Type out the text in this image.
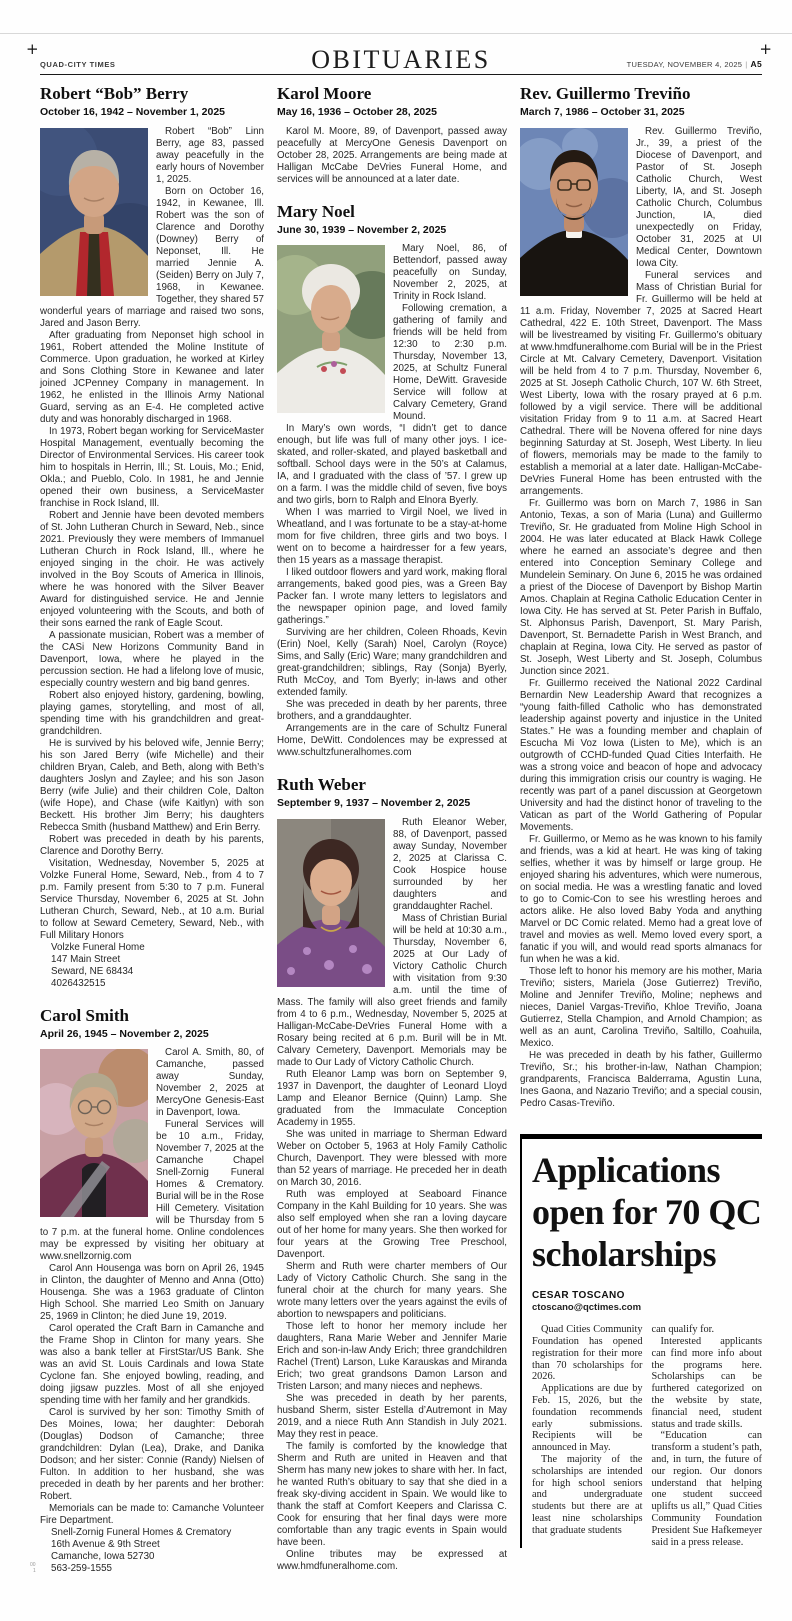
+	+
QUAD-CITY TIMES	OBITUARIES	TUESDAY, NOVEMBER 4, 2025 | A5
Robert “Bob” Berry
October 16, 1942 – November 1, 2025

Robert “Bob” Linn Berry, age 83, passed away peacefully in the early hours of November 1, 2025.

Born on October 16, 1942, in Kewanee, Ill. Robert was the son of Clarence and Dorothy (Downey) Berry of Neponset, Ill. He married Jennie A. (Seiden) Berry on July 7, 1968, in Kewanee. Together, they shared 57 wonderful years of marriage and raised two sons, Jared and Jason Berry.

After graduating from Neponset high school in 1961, Robert attended the Moline Institute of Commerce. Upon graduation, he worked at Kirley and Sons Clothing Store in Kewanee and later joined JCPenney Company in management. In 1962, he enlisted in the Illinois Army National Guard, serving as an E-4. He completed active duty and was honorably discharged in 1968.

In 1973, Robert began working for ServiceMaster Hospital Management, eventually becoming the Director of Environmental Services. His career took him to hospitals in Herrin, Ill.; St. Louis, Mo.; Enid, Okla.; and Pueblo, Colo. In 1981, he and Jennie opened their own business, a ServiceMaster franchise in Rock Island, Ill.

Robert and Jennie have been devoted members of St. John Lutheran Church in Seward, Neb., since 2021. Previously they were members of Immanuel Lutheran Church in Rock Island, Ill., where he enjoyed singing in the choir. He was actively involved in the Boy Scouts of America in Illinois, where he was honored with the Silver Beaver Award for distinguished service. He and Jennie enjoyed volunteering with the Scouts, and both of their sons earned the rank of Eagle Scout.

A passionate musician, Robert was a member of the CASi New Horizons Community Band in Davenport, Iowa, where he played in the percussion section. He had a lifelong love of music, especially country western and big band genres.

Robert also enjoyed history, gardening, bowling, playing games, storytelling, and most of all, spending time with his grandchildren and great-grandchildren.

He is survived by his beloved wife, Jennie Berry; his son Jared Berry (wife Michelle) and their children Bryan, Caleb, and Beth, along with Beth’s daughters Joslyn and Zaylee; and his son Jason Berry (wife Julie) and their children Cole, Dalton (wife Hope), and Chase (wife Kaitlyn) with son Beckett. His brother Jim Berry; his daughters Rebecca Smith (husband Matthew) and Erin Berry.

Robert was preceded in death by his parents, Clarence and Dorothy Berry.

Visitation, Wednesday, November 5, 2025 at Volzke Funeral Home, Seward, Neb., from 4 to 7 p.m. Family present from 5:30 to 7 p.m. Funeral Service Thursday, November 6, 2025 at St. John Lutheran Church, Seward, Neb., at 10 a.m. Burial to follow at Seward Cemetery, Seward, Neb., with Full Military Honors

Volzke Funeral Home
147 Main Street
Seward, NE 68434
4026432515
Carol Smith
April 26, 1945 – November 2, 2025

Carol A. Smith, 80, of Camanche, passed away Sunday, November 2, 2025 at MercyOne Genesis-East in Davenport, Iowa.

Funeral Services will be 10 a.m., Friday, November 7, 2025 at the Camanche Chapel Snell-Zornig Funeral Homes & Crematory. Burial will be in the Rose Hill Cemetery. Visitation will be Thursday from 5 to 7 p.m. at the funeral home. Online condolences may be expressed by visiting her obituary at www.snellzornig.com

Carol Ann Housenga was born on April 26, 1945 in Clinton, the daughter of Menno and Anna (Otto) Housenga. She was a 1963 graduate of Clinton High School. She married Leo Smith on January 25, 1969 in Clinton; he died June 19, 2019.

Carol operated the Craft Barn in Camanche and the Frame Shop in Clinton for many years. She was also a bank teller at FirstStar/US Bank. She was an avid St. Louis Cardinals and Iowa State Cyclone fan. She enjoyed bowling, reading, and doing jigsaw puzzles. Most of all she enjoyed spending time with her family and her grandkids.

Carol is survived by her son: Timothy Smith of Des Moines, Iowa; her daughter: Deborah (Douglas) Dodson of Camanche; three grandchildren: Dylan (Lea), Drake, and Danika Dodson; and her sister: Connie (Randy) Nielsen of Fulton. In addition to her husband, she was preceded in death by her parents and her brother: Robert.

Memorials can be made to: Camanche Volunteer Fire Department.

Snell-Zornig Funeral Homes & Crematory
16th Avenue & 9th Street
Camanche, Iowa 52730
563-259-1555
Karol Moore
May 16, 1936 – October 28, 2025

Karol M. Moore, 89, of Davenport, passed away peacefully at MercyOne Genesis Davenport on October 28, 2025. Arrangements are being made at Halligan McCabe DeVries Funeral Home, and services will be announced at a later date.

Mary Noel
June 30, 1939 – November 2, 2025

Mary Noel, 86, of Bettendorf, passed away peacefully on Sunday, November 2, 2025, at Trinity in Rock Island.

Following cremation, a gathering of family and friends will be held from 12:30 to 2:30 p.m. Thursday, November 13, 2025, at Schultz Funeral Home, DeWitt. Graveside Service will follow at Calvary Cemetery, Grand Mound.

In Mary’s own words, “I didn’t get to dance enough, but life was full of many other joys. I ice-skated, and roller-skated, and played basketball and softball. School days were in the 50’s at Calamus, IA, and I graduated with the class of ’57. I grew up on a farm. I was the middle child of seven, five boys and two girls, born to Ralph and Elnora Byerly.

When I was married to Virgil Noel, we lived in Wheatland, and I was fortunate to be a stay-at-home mom for five children, three girls and two boys. I went on to become a hairdresser for a few years, then 15 years as a massage therapist.

I liked outdoor flowers and yard work, making floral arrangements, baked good pies, was a Green Bay Packer fan. I wrote many letters to legislators and the newspaper opinion page, and loved family gatherings.”

Surviving are her children, Coleen Rhoads, Kevin (Erin) Noel, Kelly (Sarah) Noel, Carolyn (Royce) Sims, and Sally (Eric) Ware; many grandchildren and great-grandchildren; siblings, Ray (Sonja) Byerly, Ruth McCoy, and Tom Byerly; in-laws and other extended family.

She was preceded in death by her parents, three brothers, and a granddaughter.

Arrangements are in the care of Schultz Funeral Home, DeWitt. Condolences may be expressed at www.schultzfuneralhomes.com

Ruth Weber
September 9, 1937 – November 2, 2025

Ruth Eleanor Weber, 88, of Davenport, passed away Sunday, November 2, 2025 at Clarissa C. Cook Hospice house surrounded by her daughters and granddaughter Rachel.

Mass of Christian Burial will be held at 10:30 a.m., Thursday, November 6, 2025 at Our Lady of Victory Catholic Church with visitation from 9:30 a.m. until the time of Mass. The family will also greet friends and family from 4 to 6 p.m., Wednesday, November 5, 2025 at Halligan-McCabe-DeVries Funeral Home with a Rosary being recited at 6 p.m. Buril will be in Mt. Calvary Cemetery, Davenport. Memorials may be made to Our Lady of Victory Catholic Church.

Ruth Eleanor Lamp was born on September 9, 1937 in Davenport, the daughter of Leonard Lloyd Lamp and Eleanor Bernice (Quinn) Lamp. She graduated from the Immaculate Conception Academy in 1955.

She was united in marriage to Sherman Edward Weber on October 5, 1963 at Holy Family Catholic Church, Davenport. They were blessed with more than 52 years of marriage. He preceded her in death on March 30, 2016.

Ruth was employed at Seaboard Finance Company in the Kahl Building for 10 years. She was also self employed when she ran a loving daycare out of her home for many years. She then worked for four years at the Growing Tree Preschool, Davenport.

Sherm and Ruth were charter members of Our Lady of Victory Catholic Church. She sang in the funeral choir at the church for many years. She wrote many letters over the years against the evils of abortion to newspapers and politicians.

Those left to honor her memory include her daughters, Rana Marie Weber and Jennifer Marie Erich and son-in-law Andy Erich; three grandchildren Rachel (Trent) Larson, Luke Karauskas and Miranda Erich; two great grandsons Damon Larson and Tristen Larson; and many nieces and nephews.

She was preceded in death by her parents, husband Sherm, sister Estella d’Autremont in May 2019, and a niece Ruth Ann Standish in July 2021. May they rest in peace.

The family is comforted by the knowledge that Sherm and Ruth are united in Heaven and that Sherm has many new jokes to share with her. In fact, he wanted Ruth’s obituary to say that she died in a freak sky-diving accident in Spain. We would like to thank the staff at Comfort Keepers and Clarissa C. Cook for ensuring that her final days were more comfortable than any tragic events in Spain would have been.

Online tributes may be expressed at www.hmdfuneralhome.com.

Rev. Guillermo Treviño
March 7, 1986 – October 31, 2025

Rev. Guillermo Treviño, Jr., 39, a priest of the Diocese of Davenport, and Pastor of St. Joseph Catholic Church, West Liberty, IA, and St. Joseph Catholic Church, Columbus Junction, IA, died unexpectedly on Friday, October 31, 2025 at UI Medical Center, Downtown Iowa City.

Funeral services and Mass of Christian Burial for Fr. Guillermo will be held at 11 a.m. Friday, November 7, 2025 at Sacred Heart Cathedral, 422 E. 10th Street, Davenport. The Mass will be livestreamed by visiting Fr. Guillermo’s obituary at www.hmdfuneralhome.com Burial will be in the Priest Circle at Mt. Calvary Cemetery, Davenport. Visitation will be held from 4 to 7 p.m. Thursday, November 6, 2025 at St. Joseph Catholic Church, 107 W. 6th Street, West Liberty, Iowa with the rosary prayed at 6 p.m. followed by a vigil service. There will be additional visitation Friday from 9 to 11 a.m. at Sacred Heart Cathedral. There will be Novena offered for nine days beginning Saturday at St. Joseph, West Liberty. In lieu of flowers, memorials may be made to the family to establish a memorial at a later date. Halligan-McCabe-DeVries Funeral Home has been entrusted with the arrangements.

Fr. Guillermo was born on March 7, 1986 in San Antonio, Texas, a son of Maria (Luna) and Guillermo Treviño, Sr. He graduated from Moline High School in 2004. He was later educated at Black Hawk College where he earned an associate’s degree and then entered into Conception Seminary College and Mundelein Seminary. On June 6, 2015 he was ordained a priest of the Diocese of Davenport by Bishop Martin Amos. Chaplain at Regina Catholic Education Center in Iowa City. He has served at St. Peter Parish in Buffalo, St. Alphonsus Parish, Davenport, St. Mary Parish, Davenport, St. Bernadette Parish in West Branch, and chaplain at Regina, Iowa City. He served as pastor of St. Joseph, West Liberty and St. Joseph, Columbus Junction since 2021.

Fr. Guillermo received the National 2022 Cardinal Bernardin New Leadership Award that recognizes a “young faith-filled Catholic who has demonstrated leadership against poverty and injustice in the United States.” He was a founding member and chaplain of Escucha Mi Voz Iowa (Listen to Me), which is an outgrowth of CCHD-funded Quad Cities Interfaith. He was a strong voice and beacon of hope and advocacy during this immigration crisis our country is waging. He recently was part of a panel discussion at Georgetown University and had the distinct honor of traveling to the Vatican as part of the World Gathering of Popular Movements.

Fr. Guillermo, or Memo as he was known to his family and friends, was a kid at heart. He was king of taking selfies, whether it was by himself or large group. He enjoyed sharing his adventures, which were numerous, on social media. He was a wrestling fanatic and loved to go to Comic-Con to see his wrestling heroes and actors alike. He also loved Baby Yoda and anything Marvel or DC Comic related. Memo had a great love of travel and movies as well. Memo loved every sport, a fanatic if you will, and would read sports almanacs for fun when he was a kid.

Those left to honor his memory are his mother, Maria Treviño; sisters, Mariela (Jose Gutierrez) Treviño, Moline and Jennifer Treviño, Moline; nephews and nieces, Daniel Vargas-Treviño, Khloe Treviño, Joana Gutierrez, Stella Champion, and Arnold Champion; as well as an aunt, Carolina Treviño, Saltillo, Coahuila, Mexico.

He was preceded in death by his father, Guillermo Treviño, Sr.; his brother-in-law, Nathan Champion; grandparents, Francisca Balderrama, Agustin Luna, Ines Gaona, and Nazario Treviño; and a special cousin, Pedro Casas-Treviño.

Applications open for 70 QC scholarships
CESAR TOSCANO
ctoscano@qctimes.com

Quad Cities Community Foundation has opened registration for their more than 70 scholarships for 2026.

Applications are due by Feb. 15, 2026, but the foundation recommends early submissions. Recipients will be announced in May.

The majority of the scholarships are intended for high school seniors and undergraduate students but there are at least nine scholarships that graduate students

can qualify for.

Interested applicants can find more info about the programs here. Scholarships can be furthered categorized on the website by state, financial need, student status and trade skills.

“Education can transform a student’s path, and, in turn, the future of our region. Our donors understand that helping one student succeed uplifts us all,” Quad Cities Community Foundation President Sue Hafkemeyer said in a press release.

00
1
